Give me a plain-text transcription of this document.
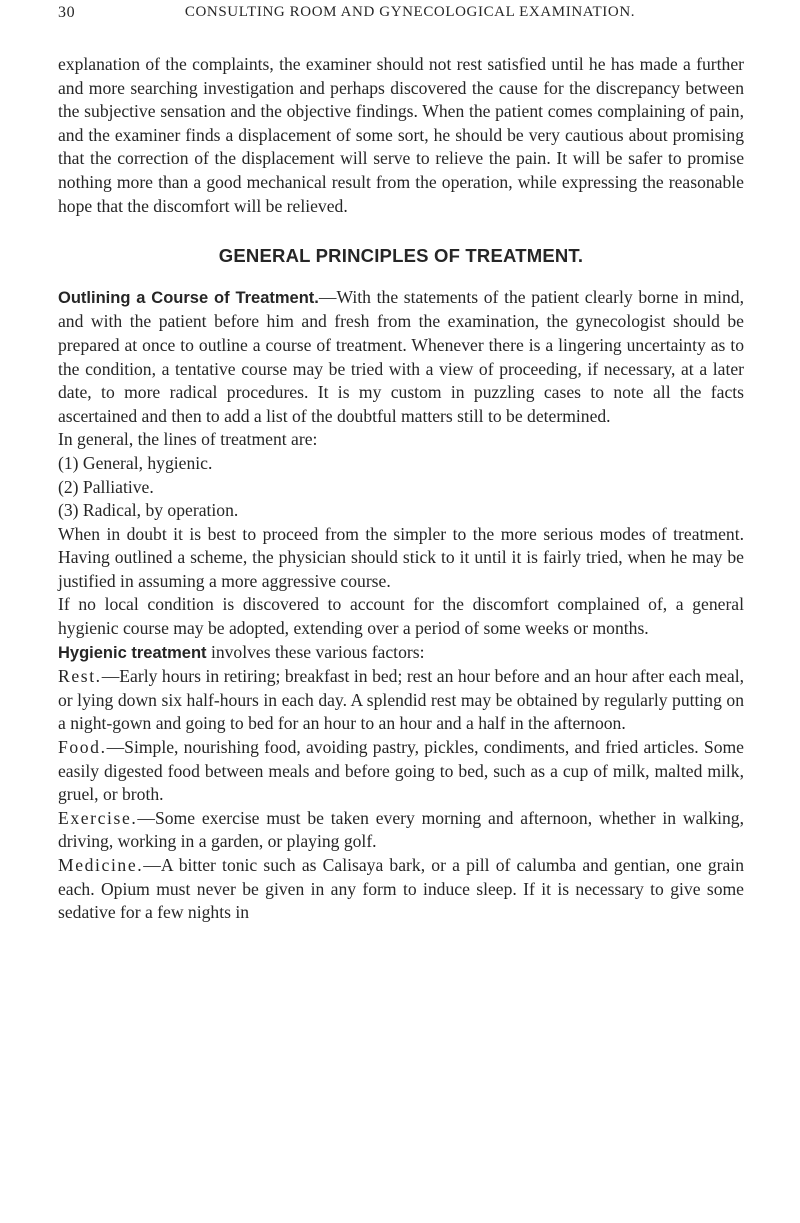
30	CONSULTING ROOM AND GYNECOLOGICAL EXAMINATION.

explanation of the complaints, the examiner should not rest satisfied until he has made a further and more searching investigation and perhaps discovered the cause for the discrepancy between the subjective sensation and the objective findings. When the patient comes complaining of pain, and the examiner finds a displacement of some sort, he should be very cautious about promising that the correction of the displacement will serve to relieve the pain. It will be safer to promise nothing more than a good mechanical result from the operation, while expressing the reasonable hope that the discomfort will be relieved.

GENERAL PRINCIPLES OF TREATMENT.

Outlining a Course of Treatment.—With the statements of the patient clearly borne in mind, and with the patient before him and fresh from the examination, the gynecologist should be prepared at once to outline a course of treatment. Whenever there is a lingering uncertainty as to the condition, a tentative course may be tried with a view of proceeding, if necessary, at a later date, to more radical procedures. It is my custom in puzzling cases to note all the facts ascertained and then to add a list of the doubtful matters still to be determined.

In general, the lines of treatment are:

(1) General, hygienic.

(2) Palliative.

(3) Radical, by operation.

When in doubt it is best to proceed from the simpler to the more serious modes of treatment. Having outlined a scheme, the physician should stick to it until it is fairly tried, when he may be justified in assuming a more aggressive course.

If no local condition is discovered to account for the discomfort complained of, a general hygienic course may be adopted, extending over a period of some weeks or months.

Hygienic treatment involves these various factors:

Rest.—Early hours in retiring; breakfast in bed; rest an hour before and an hour after each meal, or lying down six half-hours in each day. A splendid rest may be obtained by regularly putting on a night-gown and going to bed for an hour to an hour and a half in the afternoon.

Food.—Simple, nourishing food, avoiding pastry, pickles, condiments, and fried articles. Some easily digested food between meals and before going to bed, such as a cup of milk, malted milk, gruel, or broth.

Exercise.—Some exercise must be taken every morning and afternoon, whether in walking, driving, working in a garden, or playing golf.

Medicine.—A bitter tonic such as Calisaya bark, or a pill of calumba and gentian, one grain each. Opium must never be given in any form to induce sleep. If it is necessary to give some sedative for a few nights in
